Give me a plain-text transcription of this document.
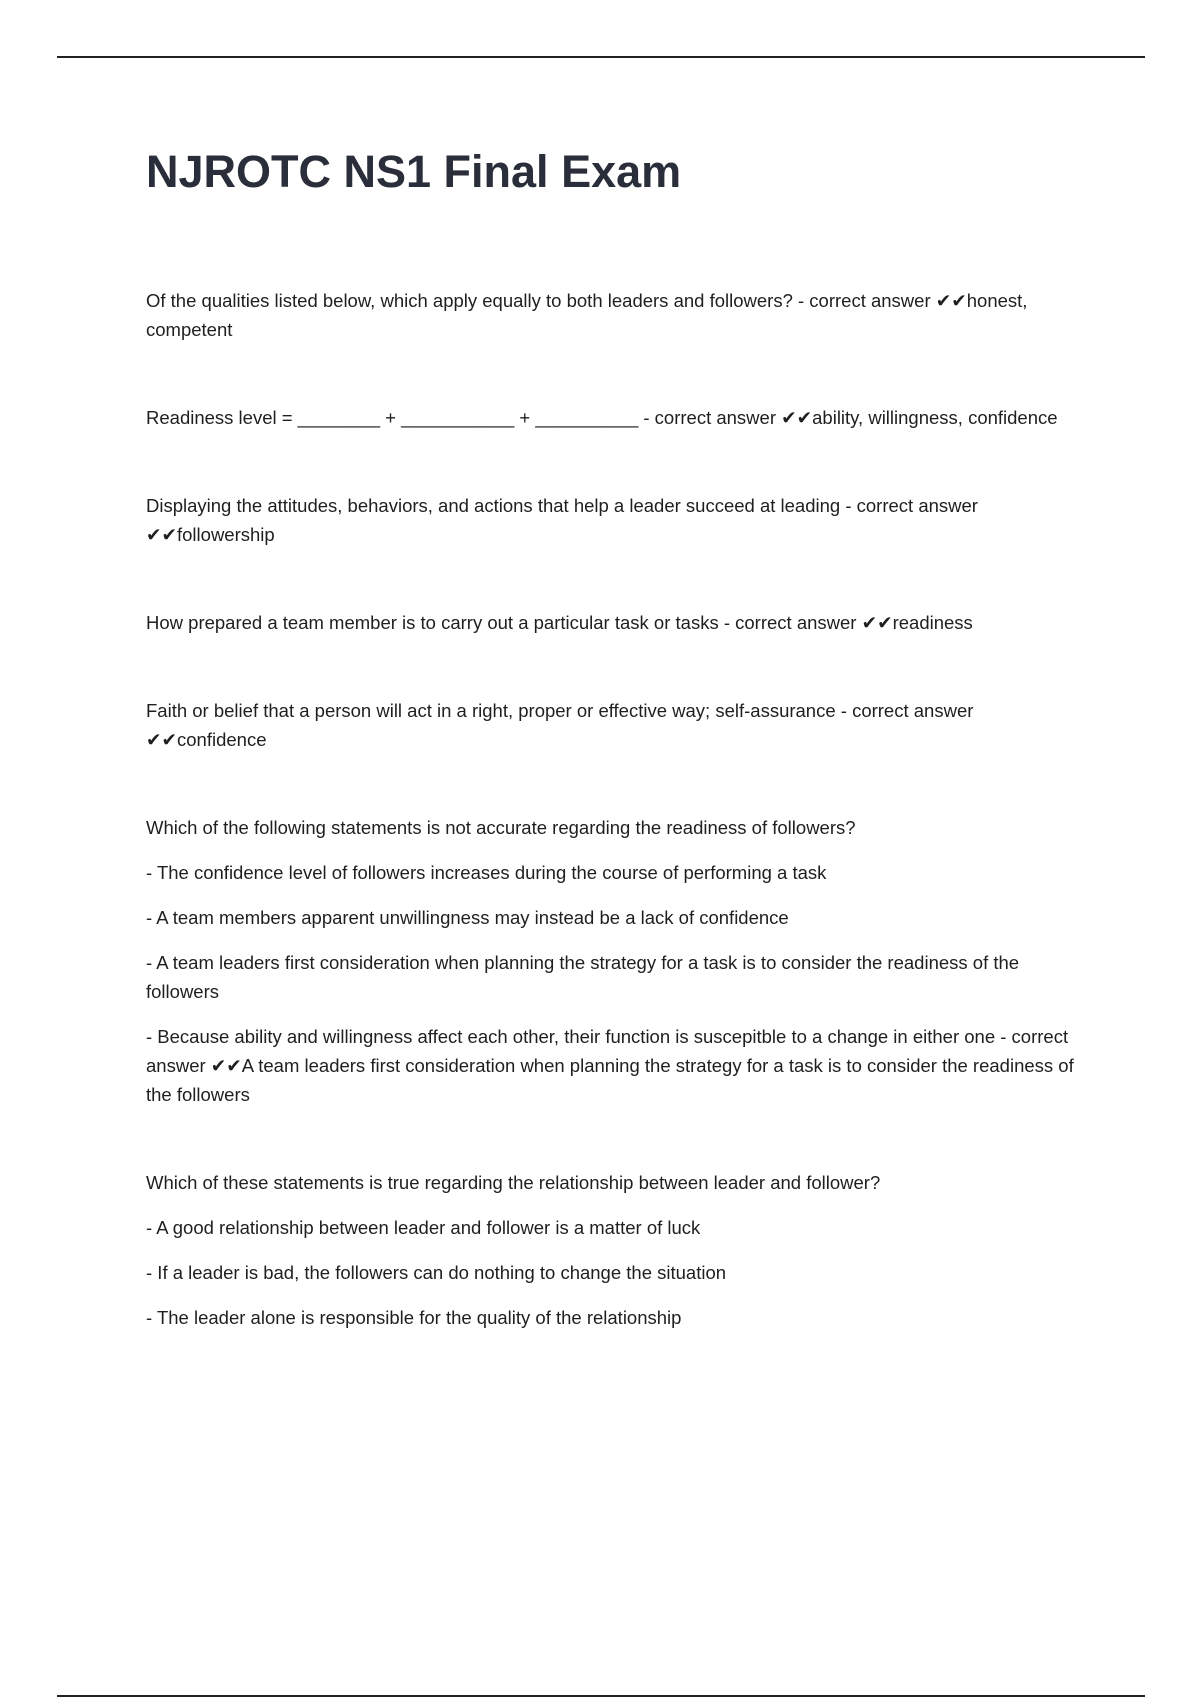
NJROTC NS1 Final Exam

Of the qualities listed below, which apply equally to both leaders and followers? - correct answer ✔✔honest, competent

Readiness level = ________ + ___________ + __________ - correct answer ✔✔ability, willingness, confidence

Displaying the attitudes, behaviors, and actions that help a leader succeed at leading - correct answer ✔✔followership

How prepared a team member is to carry out a particular task or tasks - correct answer ✔✔readiness

Faith or belief that a person will act in a right, proper or effective way; self-assurance - correct answer ✔✔confidence

Which of the following statements is not accurate regarding the readiness of followers?

- The confidence level of followers increases during the course of performing a task

- A team members apparent unwillingness may instead be a lack of confidence

- A team leaders first consideration when planning the strategy for a task is to consider the readiness of the followers

- Because ability and willingness affect each other, their function is suscepitble to a change in either one - correct answer ✔✔A team leaders first consideration when planning the strategy for a task is to consider the readiness of the followers

Which of these statements is true regarding the relationship between leader and follower?

- A good relationship between leader and follower is a matter of luck

- If a leader is bad, the followers can do nothing to change the situation

- The leader alone is responsible for the quality of the relationship
